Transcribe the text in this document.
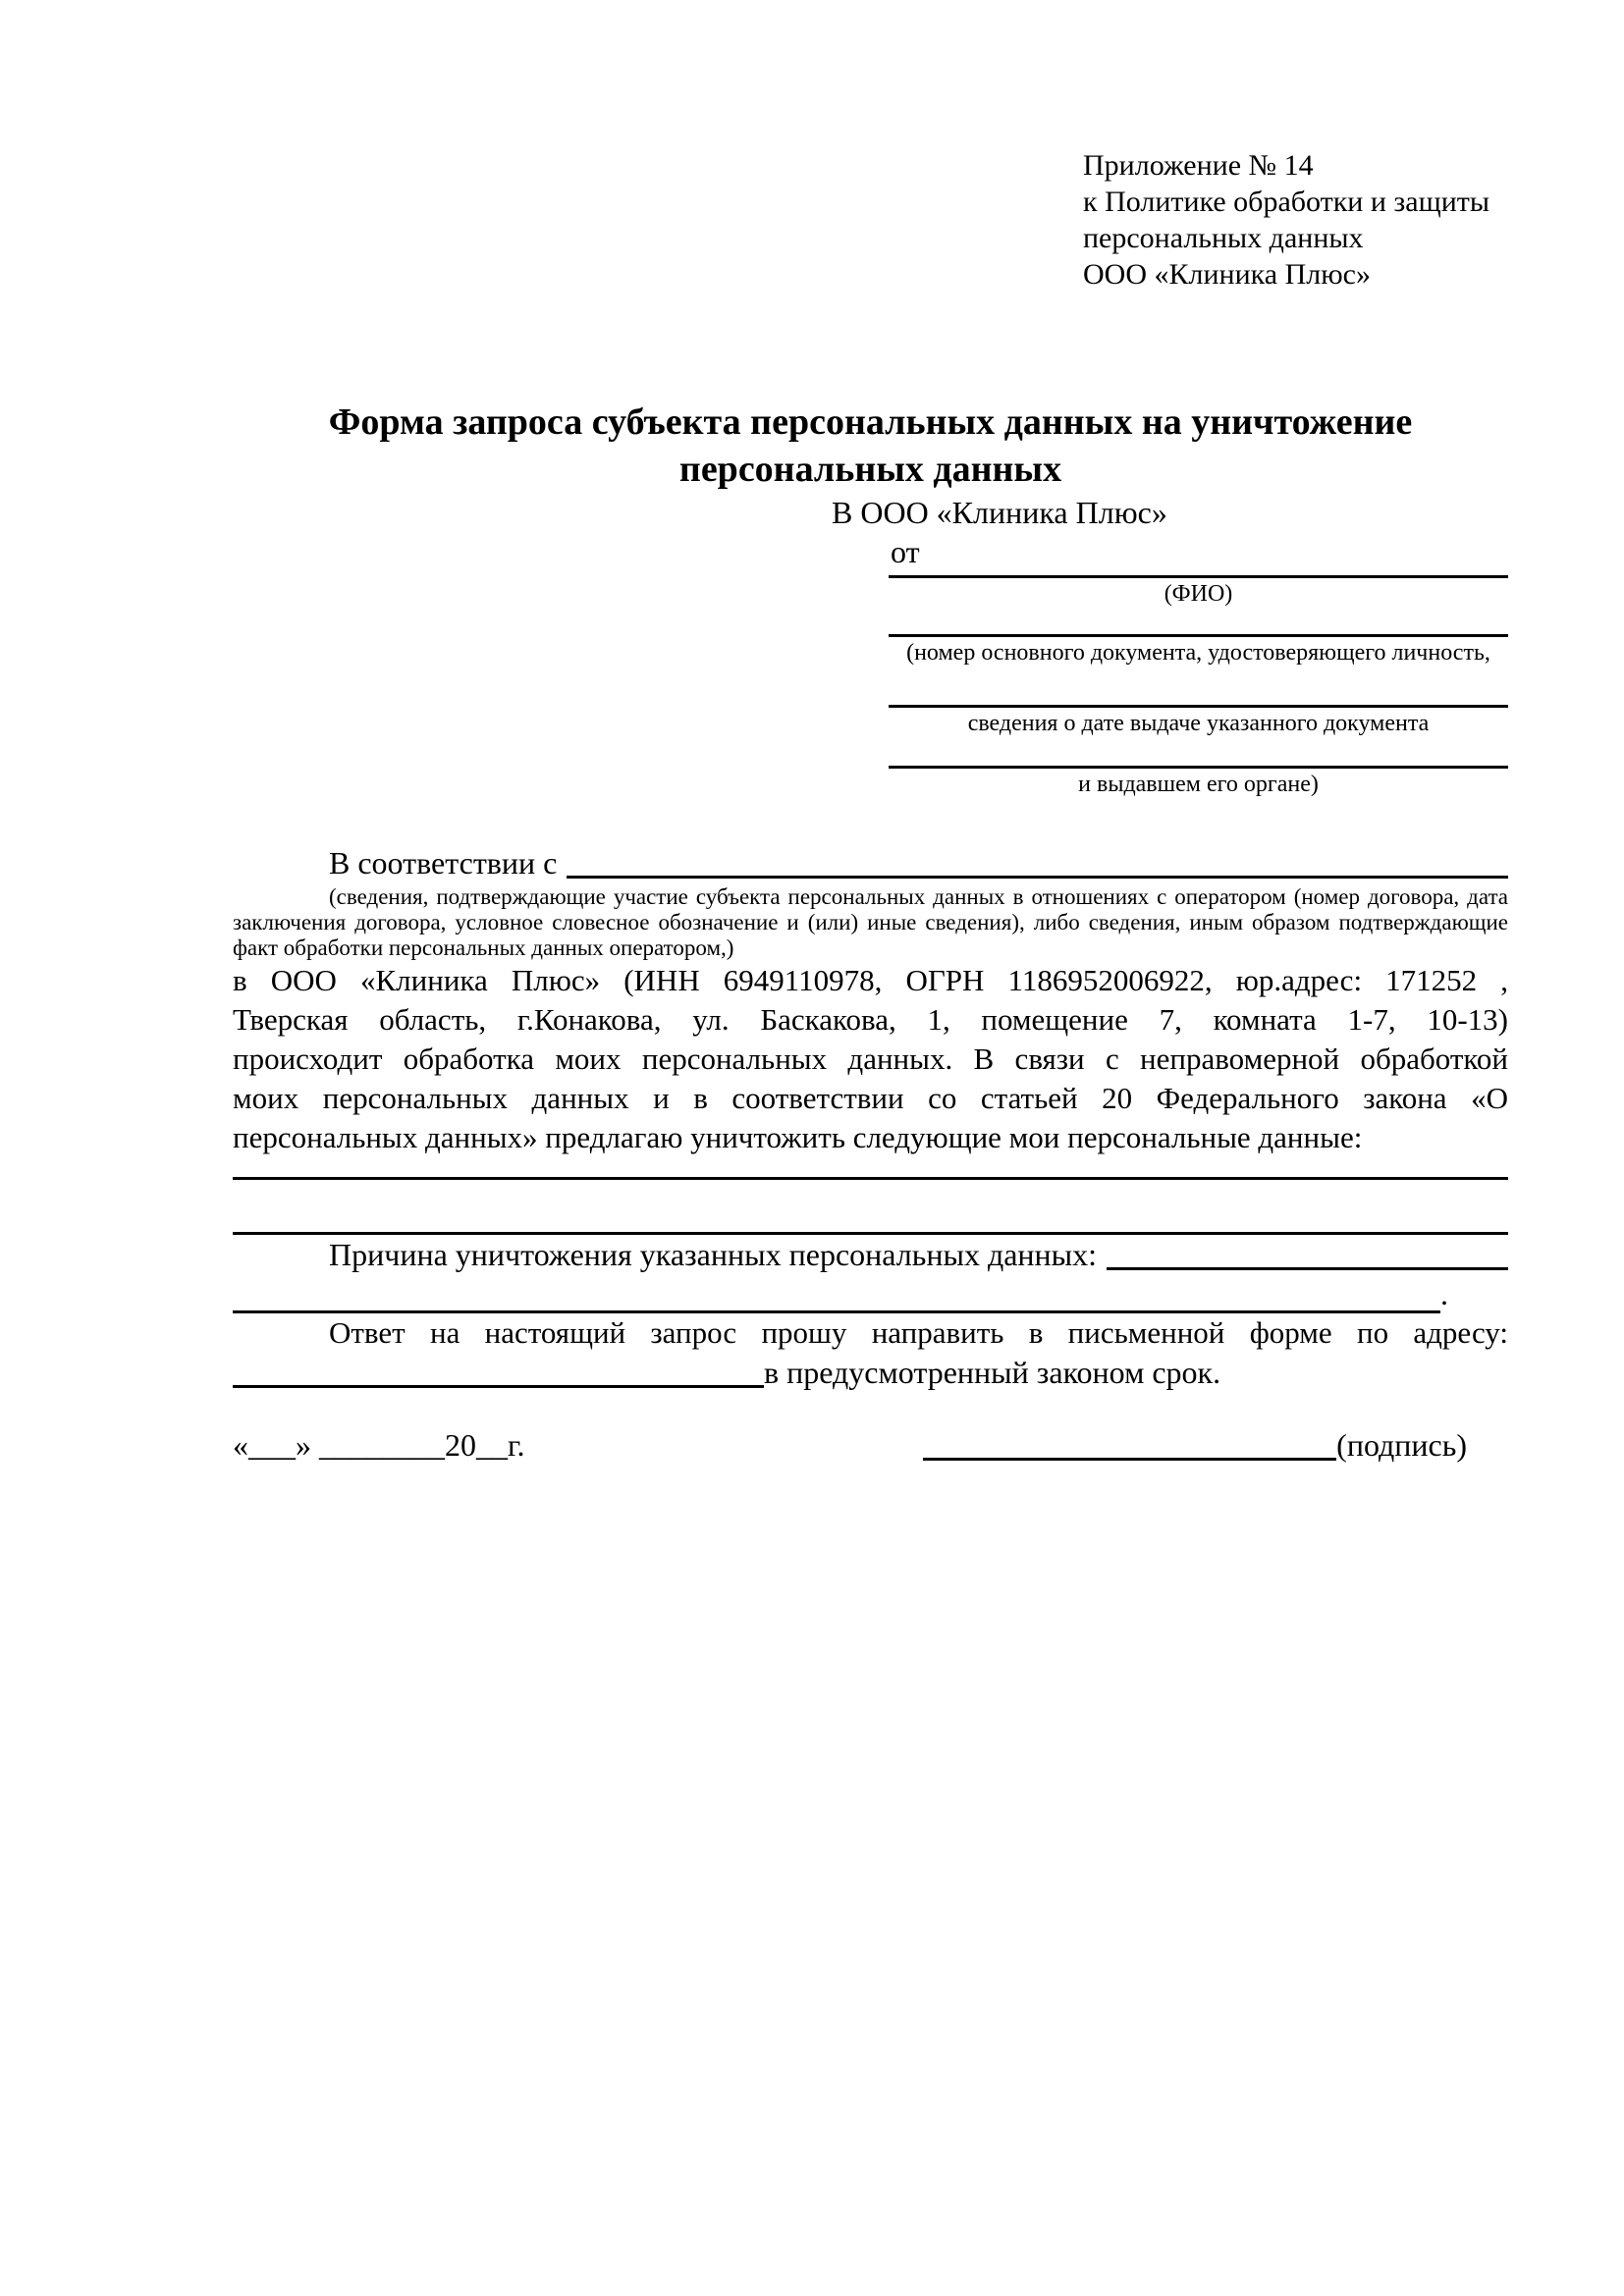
Приложение № 14
к Политике обработки и защиты
персональных данных
ООО «Клиника Плюс»
Форма запроса субъекта персональных данных на уничтожение
персональных данных
В ООО «Клиника Плюс»
от
(ФИО)
(номер основного документа, удостоверяющего личность,
сведения о дате выдаче указанного документа
и выдавшем его органе)
В соответствии с
(сведения, подтверждающие участие субъекта персональных данных в отношениях с оператором (номер договора, дата заключения договора, условное словесное обозначение и (или) иные сведения), либо сведения, иным образом подтверждающие факт обработки персональных данных оператором,)
в ООО «Клиника Плюс» (ИНН 6949110978, ОГРН 1186952006922, юр.адрес: 171252 ,
Тверская область, г.Конакова, ул. Баскакова, 1, помещение 7, комната 1-7, 10-13)
происходит обработка моих персональных данных. В связи с неправомерной обработкой
моих персональных данных и в соответствии со статьей 20 Федерального закона «О
персональных данных» предлагаю уничтожить следующие мои персональные данные:
Причина уничтожения указанных персональных данных:
.
Ответ на настоящий запрос прошу направить в письменной форме по адресу:
в предусмотренный законом срок.
«___» ________20__г.	(подпись)
